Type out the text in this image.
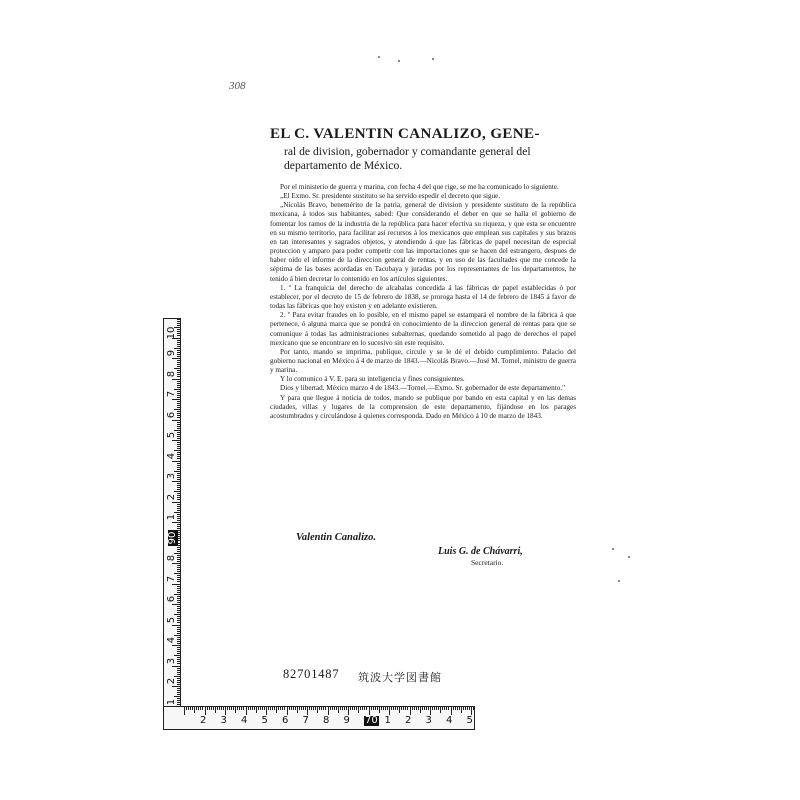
308
EL C. VALENTIN CANALIZO, GENE-
ral de division, gobernador y comandante general del
departamento de México.

Por el ministerio de guerra y marina, con fecha 4 del que rige, se me ha comunicado lo siguiente.

„El Exmo. Sr. presidente sustituto se ha servido espedir el decreto que sigue.

„Nicolás Bravo, benemérito de la patria, general de division y presidente sustituto de la república mexicana, á todos sus habitantes, sabed: Que considerando el deber en que se halla el gobierno de fomentar los ramos de la industria de la república para hacer efectiva su riqueza, y que esta se encuentre en su mismo territorio, para facilitar así recursos á los mexicanos que emplean sus capitales y sus brazos en tan interesantes y sagrados objetos, y atendiendo á que las fábricas de papel necesitan de especial proteccion y amparo para poder competir con las importaciones que se hacen del estrangero, despues de haber oido el informe de la direccion general de rentas, y en uso de las facultades que me concede la séptima de las bases acordadas en Tacubaya y juradas por los representantes de los departamentos, he tenido á bien decretar lo contenido en los artículos siguientes.

1. º La franquicia del derecho de alcabalas concedida á las fábricas de papel establecidas ó por establecer, por el decreto de 15 de febrero de 1838, se proroga hasta el 14 de febrero de 1845 á favor de todas las fábricas que hoy existen y en adelante existieren.

2. º Para evitar fraudes en lo posible, en el mismo papel se estampará el nombre de la fábrica á que pertenece, ó alguna marca que se pondrá en conocimiento de la direccion general de rentas para que se comunique á todas las administraciones subalternas, quedando sometido al pago de derechos el papel mexicano que se encontrare en lo sucesivo sin este requisito.

Por tanto, mando se imprima, publique, circule y se le dé el debido cumplimiento. Palacio del gobierno nacional en México á 4 de marzo de 1843.—Nicolás Bravo.—José M. Tornel, ministro de guerra y marina.

Y lo comunico á V. E. para su inteligencia y fines consiguientes.

Dios y libertad. México marzo 4 de 1843.—Tornel.—Exmo. Sr. gobernador de este departamento."

Y para que llegue á noticia de todos, mando se publique por bando en esta capital y en las demas ciudades, villas y lugares de la comprension de este departamento, fijándose en los parages acostumbrados y circulándose á quienes corresponda. Dado en México á 10 de marzo de 1843.

Valentin Canalizo.
Luis G. de Chávarri,
Secretario.
82701487 筑波大学図書館
1
2
3
4
5
6
7
8
90
1
2
3
4
5
6
7
8
9
10
2 3 4 5 6 7 8 9 70 1 2 3 4 5
